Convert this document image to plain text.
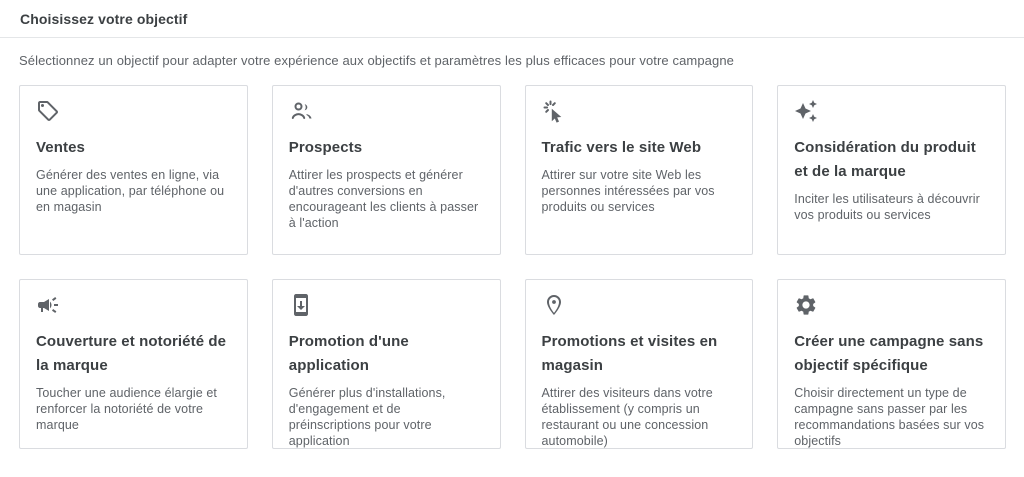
Choisissez votre objectif
Sélectionnez un objectif pour adapter votre expérience aux objectifs et paramètres les plus efficaces pour votre campagne
Ventes
Générer des ventes en ligne, via une application, par téléphone ou en magasin
Prospects
Attirer les prospects et générer d'autres conversions en encourageant les clients à passer à l'action
Trafic vers le site Web
Attirer sur votre site Web les personnes intéressées par vos produits ou services
Considération du produit et de la marque
Inciter les utilisateurs à découvrir vos produits ou services
Couverture et notoriété de la marque
Toucher une audience élargie et renforcer la notoriété de votre marque
Promotion d'une application
Générer plus d'installations, d'engagement et de préinscriptions pour votre application
Promotions et visites en magasin
Attirer des visiteurs dans votre établissement (y compris un restaurant ou une concession automobile)
Créer une campagne sans objectif spécifique
Choisir directement un type de campagne sans passer par les recommandations basées sur vos objectifs
